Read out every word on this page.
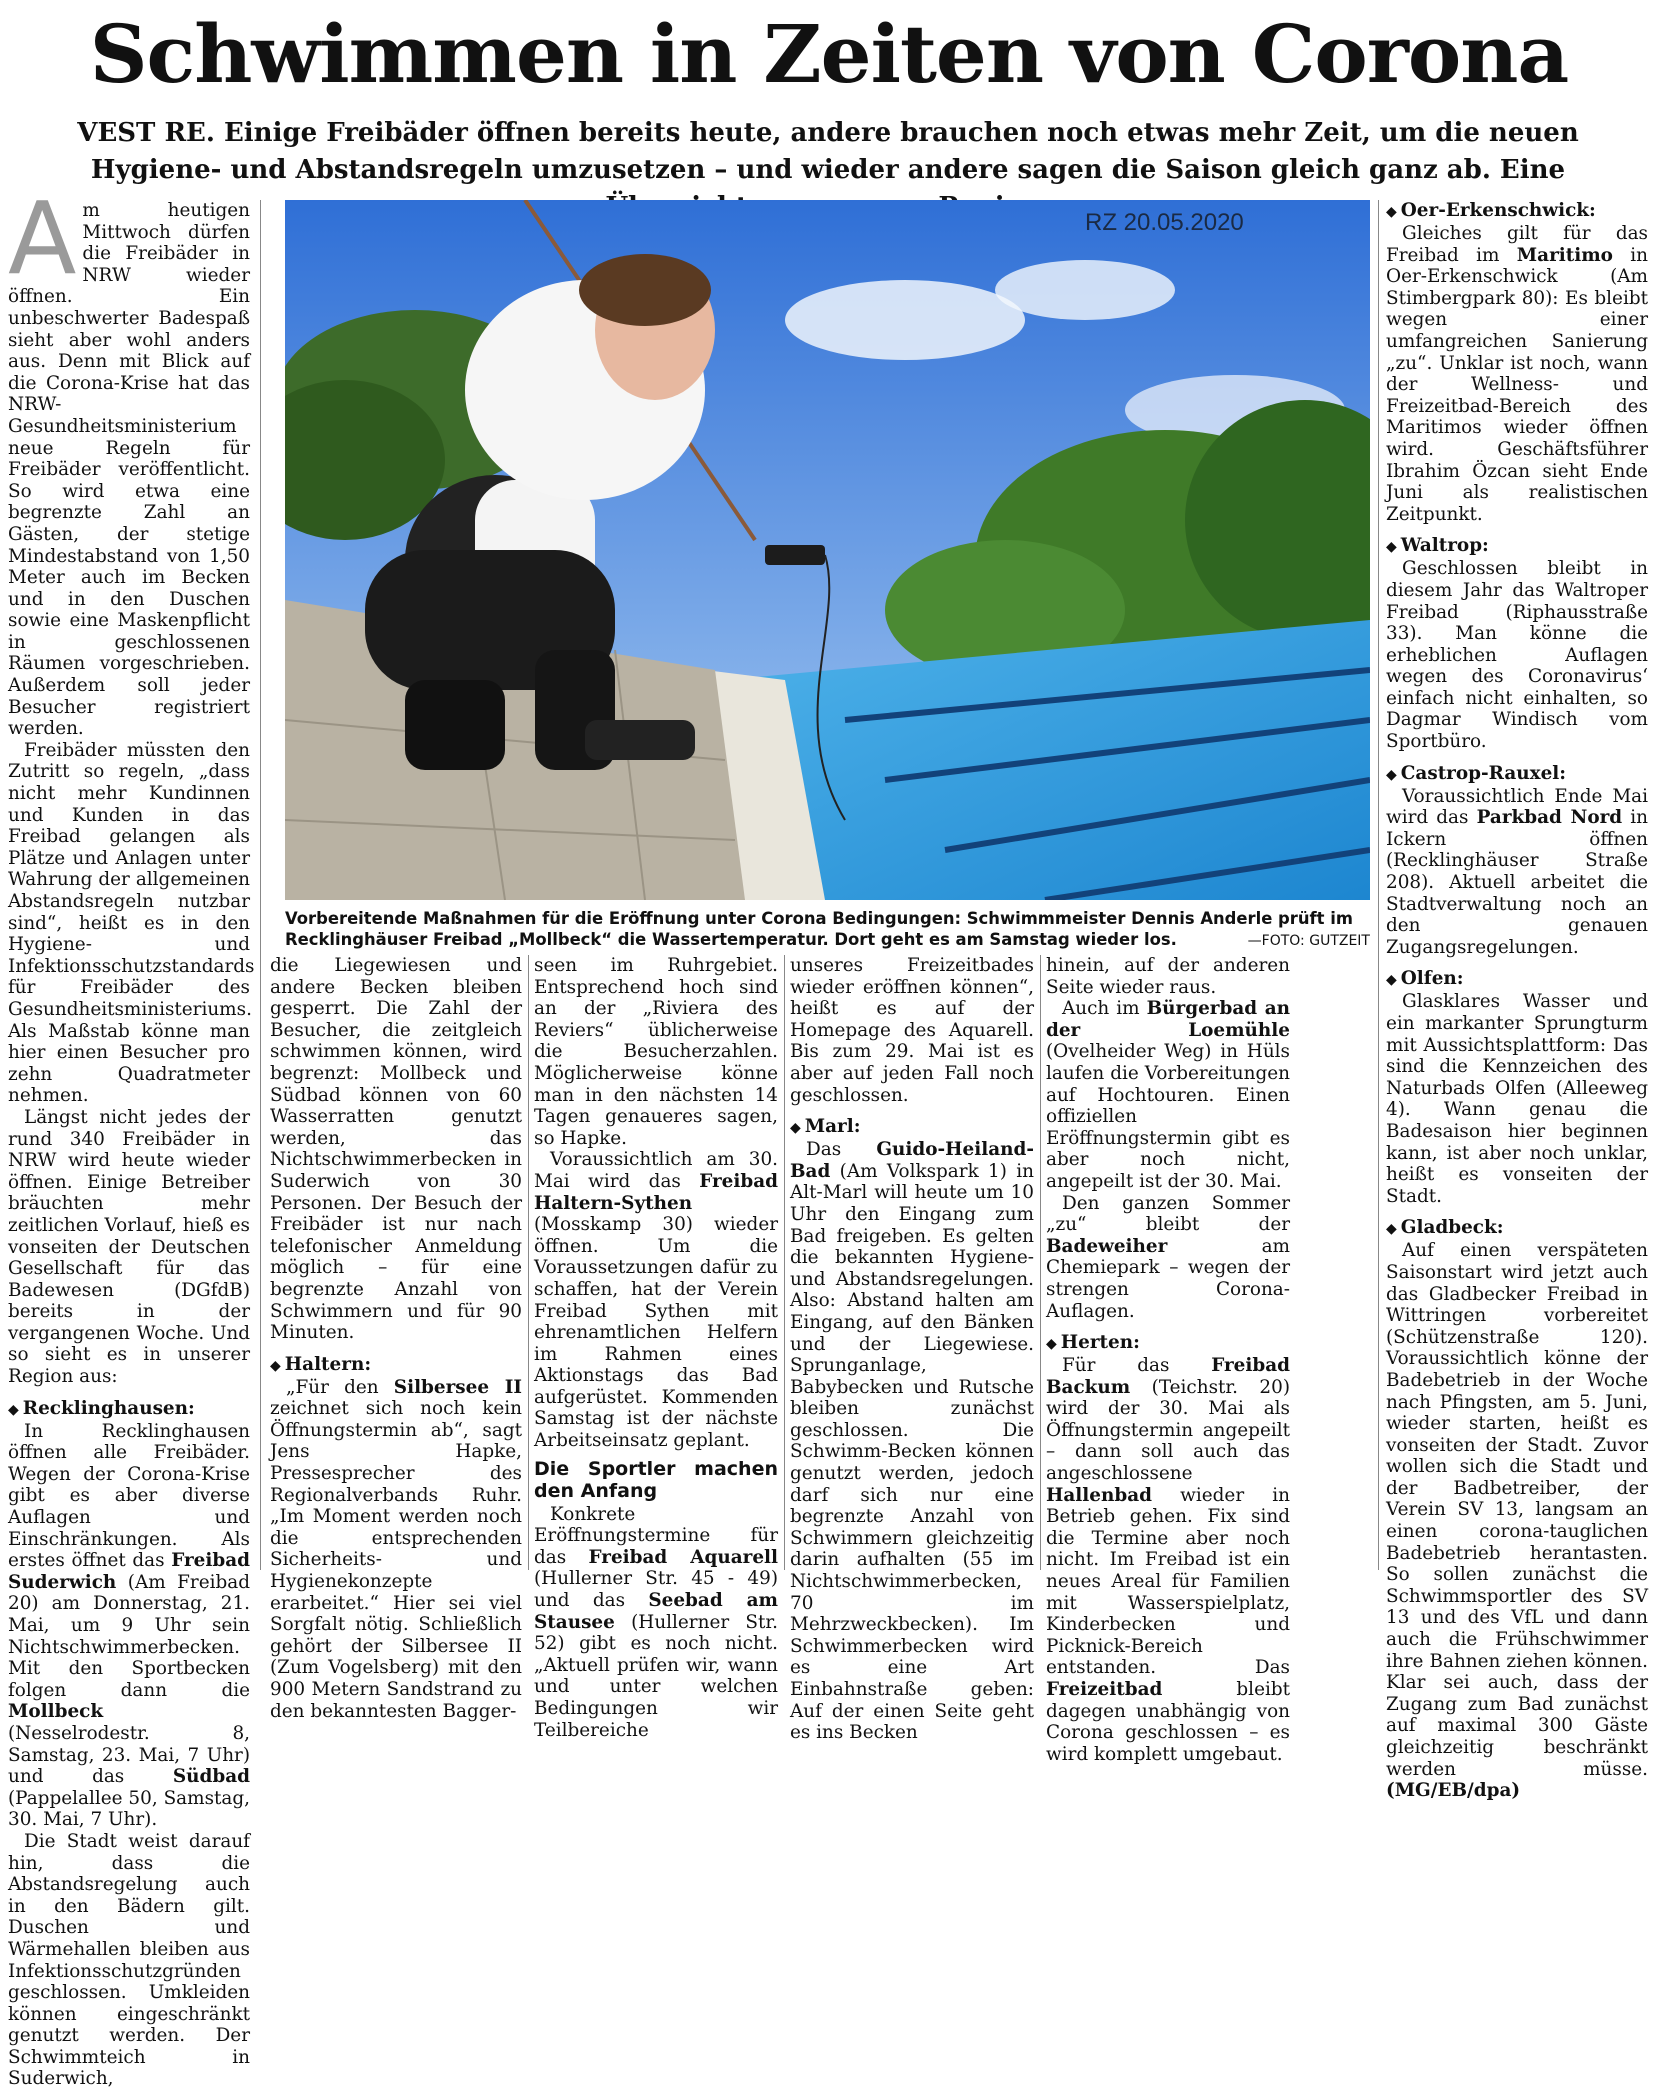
Schwimmen in Zeiten von Corona
VEST RE. Einige Freibäder öffnen bereits heute, andere brauchen noch etwas mehr Zeit, um die neuen Hygiene- und Abstandsregeln umzusetzen – und wieder andere sagen die Saison gleich ganz ab. Eine

Am heutigen Mittwoch dürfen die Freibäder in NRW wieder öffnen. Ein unbeschwerter Badespaß sieht aber wohl anders aus. Denn mit Blick auf die Corona-Krise hat das NRW-Gesundheitsministerium neue Regeln für Freibäder veröffentlicht. So wird etwa eine begrenzte Zahl an Gästen, der stetige Mindestabstand von 1,50 Meter auch im Becken und in den Duschen sowie eine Maskenpflicht in geschlossenen Räumen vorgeschrieben. Außerdem soll jeder Besucher registriert werden.

Freibäder müssten den Zutritt so regeln, „dass nicht mehr Kundinnen und Kunden in das Freibad gelangen als Plätze und Anlagen unter Wahrung der allgemeinen Abstandsregeln nutzbar sind“, heißt es in den Hygiene- und Infektionsschutzstandards für Freibäder des Gesundheitsministeriums.

Als Maßstab könne man hier einen Besucher pro zehn Quadratmeter nehmen.

Längst nicht jedes der rund 340 Freibäder in NRW wird heute wieder öffnen. Einige Betreiber bräuchten mehr zeitlichen Vorlauf, hieß es vonseiten der Deutschen Gesellschaft für das Badewesen (DGfdB) bereits in der vergangenen Woche. Und so sieht es in unserer Region aus:

◆ Recklinghausen:

In Recklinghausen öffnen alle Freibäder. Wegen der Corona-Krise gibt es aber diverse Auflagen und Einschränkungen. Als erstes öffnet das Freibad Suderwich (Am Freibad 20) am Donnerstag, 21. Mai, um 9 Uhr sein Nichtschwimmerbecken. Mit den Sportbecken folgen dann die Mollbeck (Nesselrodestr. 8, Samstag, 23. Mai, 7 Uhr) und das Südbad (Pappelallee 50, Samstag, 30. Mai, 7 Uhr).

Die Stadt weist darauf hin, dass die Abstandsregelung auch in den Bädern gilt. Duschen und Wärmehallen bleiben aus Infektionsschutzgründen geschlossen. Umkleiden können eingeschränkt genutzt werden. Der Schwimmteich in Suderwich,

RZ 20.05.2020
Vorbereitende Maßnahmen für die Eröffnung unter Corona Bedingungen: Schwimmmeister Dennis Anderle prüft im Recklinghäuser Freibad „Mollbeck“ die Wassertemperatur. Dort geht es am Samstag wieder los.	—FOTO: GUTZEIT

die Liegewiesen und andere Becken bleiben gesperrt. Die Zahl der Besucher, die zeitgleich schwimmen können, wird begrenzt: Mollbeck und Südbad können von 60 Wasserratten genutzt werden, das Nichtschwimmerbecken in Suderwich von 30 Personen. Der Besuch der Freibäder ist nur nach telefonischer Anmeldung möglich – für eine begrenzte Anzahl von Schwimmern und für 90 Minuten.

◆ Haltern:

„Für den Silbersee II zeichnet sich noch kein Öffnungstermin ab“, sagt Jens Hapke, Pressesprecher des Regionalverbands Ruhr. „Im Moment werden noch die entsprechenden Sicherheits- und Hygienekonzepte erarbeitet.“ Hier sei viel Sorgfalt nötig. Schließlich gehört der Silbersee II (Zum Vogelsberg) mit den 900 Metern Sandstrand zu den bekanntesten Bagger-

seen im Ruhrgebiet. Entsprechend hoch sind an der „Riviera des Reviers“ üblicherweise die Besucherzahlen. Möglicherweise könne man in den nächsten 14 Tagen genaueres sagen, so Hapke.

Voraussichtlich am 30. Mai wird das Freibad Haltern-Sythen (Mosskamp 30) wieder öffnen. Um die Voraussetzungen dafür zu schaffen, hat der Verein Freibad Sythen mit ehrenamtlichen Helfern im Rahmen eines Aktionstags das Bad aufgerüstet. Kommenden Samstag ist der nächste Arbeitseinsatz geplant.

Die Sportler machen den Anfang

Konkrete Eröffnungstermine für das Freibad Aquarell (Hullerner Str. 45 - 49) und das Seebad am Stausee (Hullerner Str. 52) gibt es noch nicht. „Aktuell prüfen wir, wann und unter welchen Bedingungen wir Teilbereiche

unseres Freizeitbades wieder eröffnen können“, heißt es auf der Homepage des Aquarell. Bis zum 29. Mai ist es aber auf jeden Fall noch geschlossen.

◆ Marl:

Das Guido-Heiland-Bad (Am Volkspark 1) in Alt-Marl will heute um 10 Uhr den Eingang zum Bad freigeben. Es gelten die bekannten Hygiene- und Abstandsregelungen. Also: Abstand halten am Eingang, auf den Bänken und der Liegewiese. Sprunganlage, Babybecken und Rutsche bleiben zunächst geschlossen. Die Schwimm-Becken können genutzt werden, jedoch darf sich nur eine begrenzte Anzahl von Schwimmern gleichzeitig darin aufhalten (55 im Nichtschwimmerbecken, 70 im Mehrzweckbecken). Im Schwimmerbecken wird es eine Art Einbahnstraße geben: Auf der einen Seite geht es ins Becken

hinein, auf der anderen Seite wieder raus.

Auch im Bürgerbad an der Loemühle (Ovelheider Weg) in Hüls laufen die Vorbereitungen auf Hochtouren. Einen offiziellen Eröffnungstermin gibt es aber noch nicht, angepeilt ist der 30. Mai.

Den ganzen Sommer „zu“ bleibt der Badeweiher am Chemiepark – wegen der strengen Corona-Auflagen.

◆ Herten:

Für das Freibad Backum (Teichstr. 20) wird der 30. Mai als Öffnungstermin angepeilt – dann soll auch das angeschlossene Hallenbad wieder in Betrieb gehen. Fix sind die Termine aber noch nicht. Im Freibad ist ein neues Areal für Familien mit Wasserspielplatz, Kinderbecken und Picknick-Bereich entstanden. Das Freizeitbad bleibt dagegen unabhängig von Corona geschlossen – es wird komplett umgebaut.

◆ Oer-Erkenschwick:

Gleiches gilt für das Freibad im Maritimo in Oer-Erkenschwick (Am Stimbergpark 80): Es bleibt wegen einer umfangreichen Sanierung „zu“. Unklar ist noch, wann der Wellness- und Freizeitbad-Bereich des Maritimos wieder öffnen wird. Geschäftsführer Ibrahim Özcan sieht Ende Juni als realistischen Zeitpunkt.

◆ Waltrop:

Geschlossen bleibt in diesem Jahr das Waltroper Freibad (Riphausstraße 33). Man könne die erheblichen Auflagen wegen des Coronavirus‘ einfach nicht einhalten, so Dagmar Windisch vom Sportbüro.

◆ Castrop-Rauxel:

Voraussichtlich Ende Mai wird das Parkbad Nord in Ickern öffnen (Recklinghäuser Straße 208). Aktuell arbeitet die Stadtverwaltung noch an den genauen Zugangsregelungen.

◆ Olfen:

Glasklares Wasser und ein markanter Sprungturm mit Aussichtsplattform: Das sind die Kennzeichen des Naturbads Olfen (Alleeweg 4). Wann genau die Badesaison hier beginnen kann, ist aber noch unklar, heißt es vonseiten der Stadt.

◆ Gladbeck:

Auf einen verspäteten Saisonstart wird jetzt auch das Gladbecker Freibad in Wittringen vorbereitet (Schützenstraße 120). Voraussichtlich könne der Badebetrieb in der Woche nach Pfingsten, am 5. Juni, wieder starten, heißt es vonseiten der Stadt. Zuvor wollen sich die Stadt und der Badbetreiber, der Verein SV 13, langsam an einen corona-tauglichen Badebetrieb herantasten. So sollen zunächst die Schwimmsportler des SV 13 und des VfL und dann auch die Frühschwimmer ihre Bahnen ziehen können. Klar sei auch, dass der Zugang zum Bad zunächst auf maximal 300 Gäste gleichzeitig beschränkt werden müsse. (MG/EB/dpa)
